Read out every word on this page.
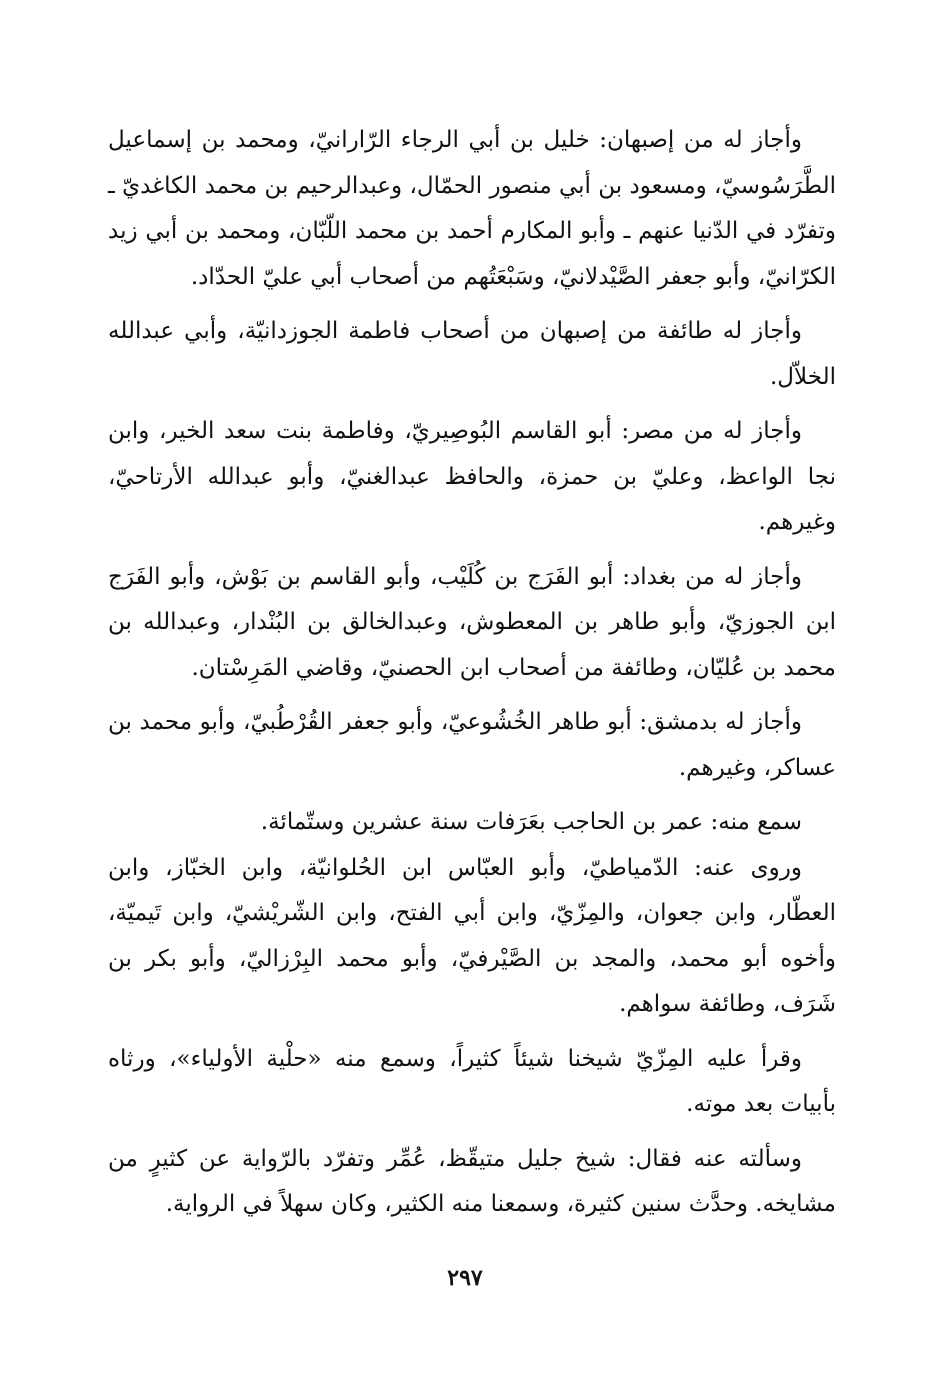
وأجاز له من إصبهان: خليل بن أبي الرجاء الرّارانيّ، ومحمد بن إسماعيل الطَّرَسُوسيّ، ومسعود بن أبي منصور الحمّال، وعبدالرحيم بن محمد الكاغديّ ـ وتفرّد في الدّنيا عنهم ـ وأبو المكارم أحمد بن محمد اللّبّان، ومحمد بن أبي زيد الكرّانيّ، وأبو جعفر الصَّيْدلانيّ، وسَبْعَتُهم من أصحاب أبي عليّ الحدّاد.

وأجاز له طائفة من إصبهان من أصحاب فاطمة الجوزدانيّة، وأبي عبدالله الخلاّل.

وأجاز له من مصر: أبو القاسم البُوصِيريّ، وفاطمة بنت سعد الخير، وابن نجا الواعظ، وعليّ بن حمزة، والحافظ عبدالغنيّ، وأبو عبدالله الأرتاحيّ، وغيرهم.

وأجاز له من بغداد: أبو الفَرَج بن كُلَيْب، وأبو القاسم بن بَوْش، وأبو الفَرَج ابن الجوزيّ، وأبو طاهر بن المعطوش، وعبدالخالق بن البُنْدار، وعبدالله بن محمد بن عُليّان، وطائفة من أصحاب ابن الحصنيّ، وقاضي المَرِسْتان.

وأجاز له بدمشق: أبو طاهر الخُشُوعيّ، وأبو جعفر القُرْطُبيّ، وأبو محمد بن عساكر، وغيرهم.

سمع منه: عمر بن الحاجب بعَرَفات سنة عشرين وستّمائة.

وروى عنه: الدّمياطيّ، وأبو العبّاس ابن الحُلوانيّة، وابن الخبّاز، وابن العطّار، وابن جعوان، والمِزّيّ، وابن أبي الفتح، وابن الشّريْشيّ، وابن تَيميّة، وأخوه أبو محمد، والمجد بن الصَّيْرفيّ، وأبو محمد البِرْزاليّ، وأبو بكر بن شَرَف، وطائفة سواهم.

وقرأ عليه المِزّيّ شيخنا شيئاً كثيراً، وسمع منه «حلْية الأولياء»، ورثاه بأبيات بعد موته.

وسألته عنه فقال: شيخ جليل متيقّظ، عُمِّر وتفرّد بالرّواية عن كثيرٍ من مشايخه. وحدَّث سنين كثيرة، وسمعنا منه الكثير، وكان سهلاً في الرواية.

٢٩٧
